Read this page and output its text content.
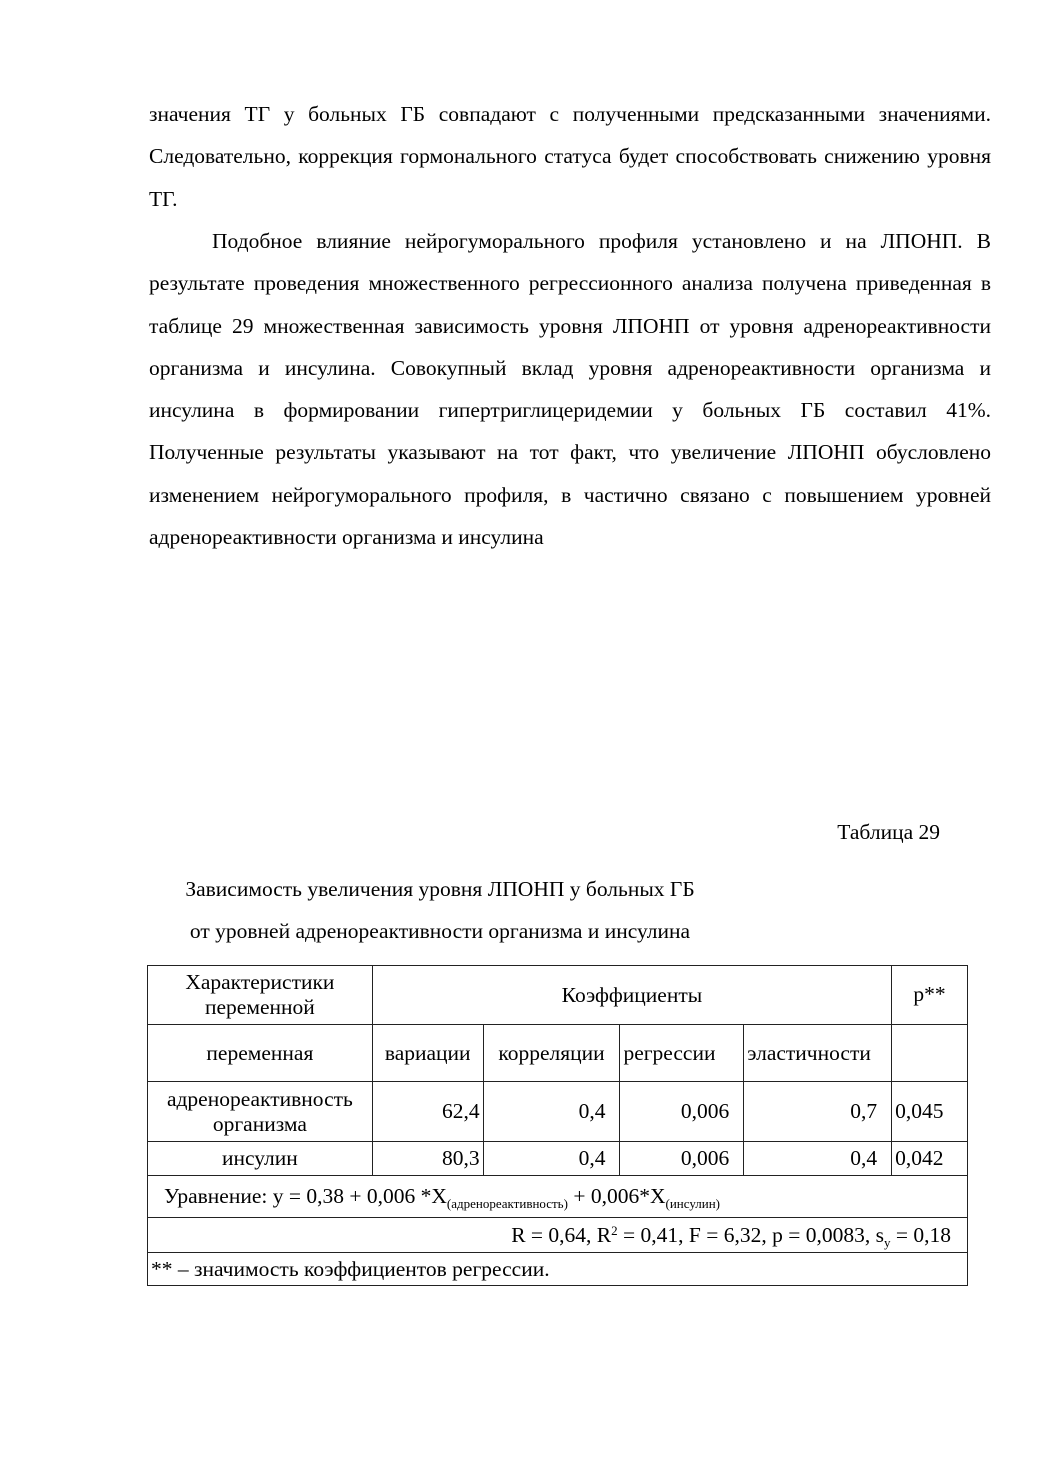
значения ТГ у больных ГБ совпадают с полученными предсказанными значениями. Следовательно, коррекция гормонального статуса будет способствовать снижению уровня ТГ.

Подобное влияние нейрогуморального профиля установлено и на ЛПОНП. В результате проведения множественного регрессионного анализа получена приведенная в таблице 29 множественная зависимость уровня ЛПОНП от уровня адренореактивности организма и инсулина. Совокупный вклад уровня адренореактивности организма и инсулина в формировании гипертриглицеридемии у больных ГБ составил 41%. Полученные результаты указывают на тот факт, что увеличение ЛПОНП обусловлено изменением нейрогуморального профиля, в частично связано с повышением уровней адренореактивности организма и инсулина

Таблица 29
Зависимость увеличения уровня ЛПОНП у больных ГБ
от уровней адренореактивности организма и инсулина
Характеристики переменной	Коэффициенты				p**
переменная	вариации	корреляции	регрессии	эластичности	
адренореактивность организма	62,4	0,4	0,006	0,7	0,045
инсулин	80,3	0,4	0,006	0,4	0,042
Уравнение: y = 0,38 + 0,006 $*X_{(адренореактивность)} + 0,006*X_{(инсулин)}$
R = 0,64, $R^2 = 0,41$, F = 6,32, p = 0,0083, $s_y = 0,18$					
** – значимость коэффициентов регрессии.					
